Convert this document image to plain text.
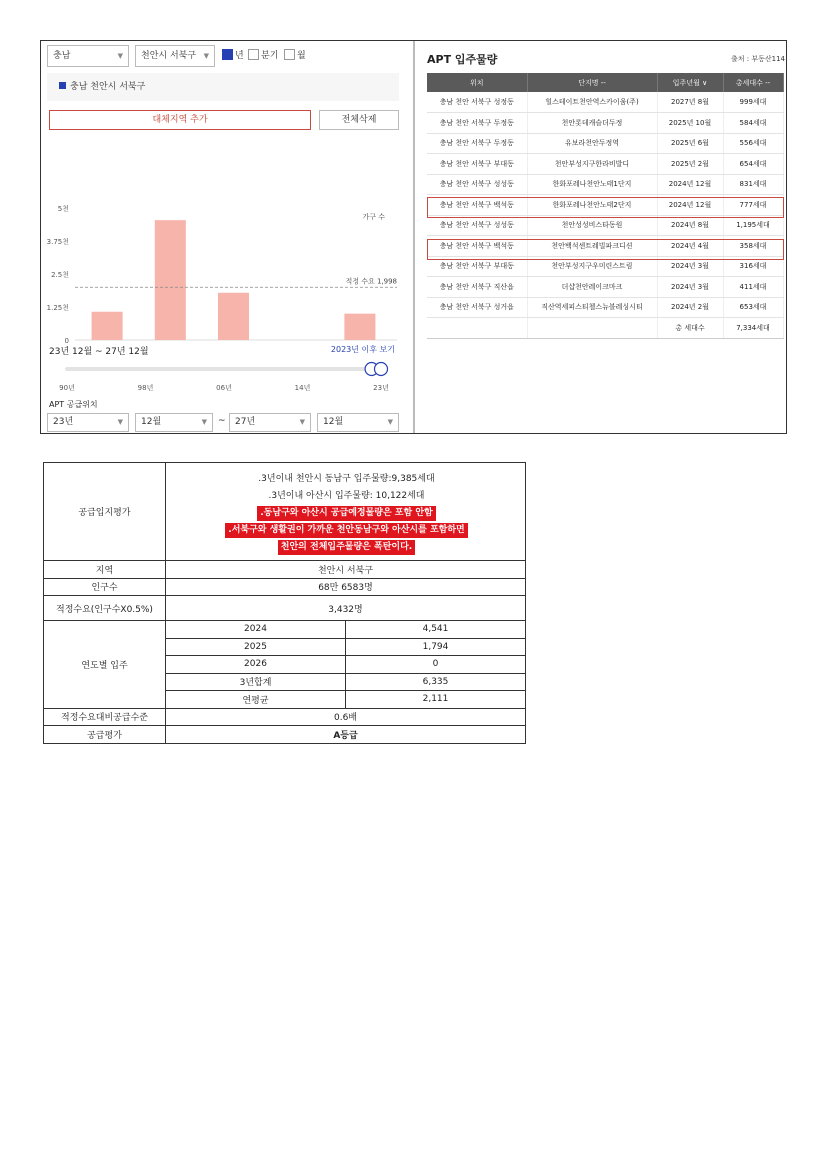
충남	▼	천안시 서북구 ▼	년	분기	월
충남 천안시 서북구
대체지역 추가	전체삭제
5천
3.75천
2.5천
1.25천
0
적정 수요 1,998
가구 수
23년 12월 ~ 27년 12월	2023년 이후 보기
90년	98년	06년	14년	23년
APT 공급위치
23년	▼	12월	▼ ~	27년	▼	12월	▼
APT 입주물량	출처 : 부동산114
위치	단지명 --	입주년월 ∨	총세대수 --
충남 천안 서북구 성정동	힐스테이트천안역스카이움(주)	2027년 8월	999세대
충남 천안 서북구 두정동	천안롯데캐슬더두정	2025년 10월	584세대
충남 천안 서북구 두정동	유보라천안두정역	2025년 6월	556세대
충남 천안 서북구 부대동	천안부성지구한라비발디	2025년 2월	654세대
충남 천안 서북구 성성동	한화포레나천안노태1단지	2024년 12월	831세대
충남 천안 서북구 백석동	한화포레나천안노태2단지	2024년 12월	777세대
충남 천안 서북구 성성동	천안성성비스타동원	2024년 8월	1,195세대
충남 천안 서북구 백석동	천안백석센트레빌파크디션	2024년 4월	358세대
충남 천안 서북구 부대동	천안부성지구우미린스트림	2024년 3월	316세대
충남 천안 서북구 직산읍	더샵천안레이크마크	2024년 3월	411세대
충남 천안 서북구 성거읍	직산역세피스티첼스뉴블레싱시티	2024년 2월	653세대
		총 세대수	7,334세대
공급입지평가	.3년이내 천안시 동남구 입주물량:9,385세대
.3년이내 아산시 입주물량: 10,122세대
.동남구와 아산시 공급예정물량은 포함 안함
.서북구와 생활권이 가까운 천안동남구와 아산시를 포함하면
천안의 전체입주물량은 폭탄이다.	

지역	천안시 서북구	
인구수	68만 6583명	
적정수요(인구수X0.5%)	3,432명	
연도별 입주	2024	4,541
	2025	1,794
	2026	0
	3년합계	6,335
	연평균	2,111
적정수요대비공급수준	0.6배	
공급평가	A등급	
